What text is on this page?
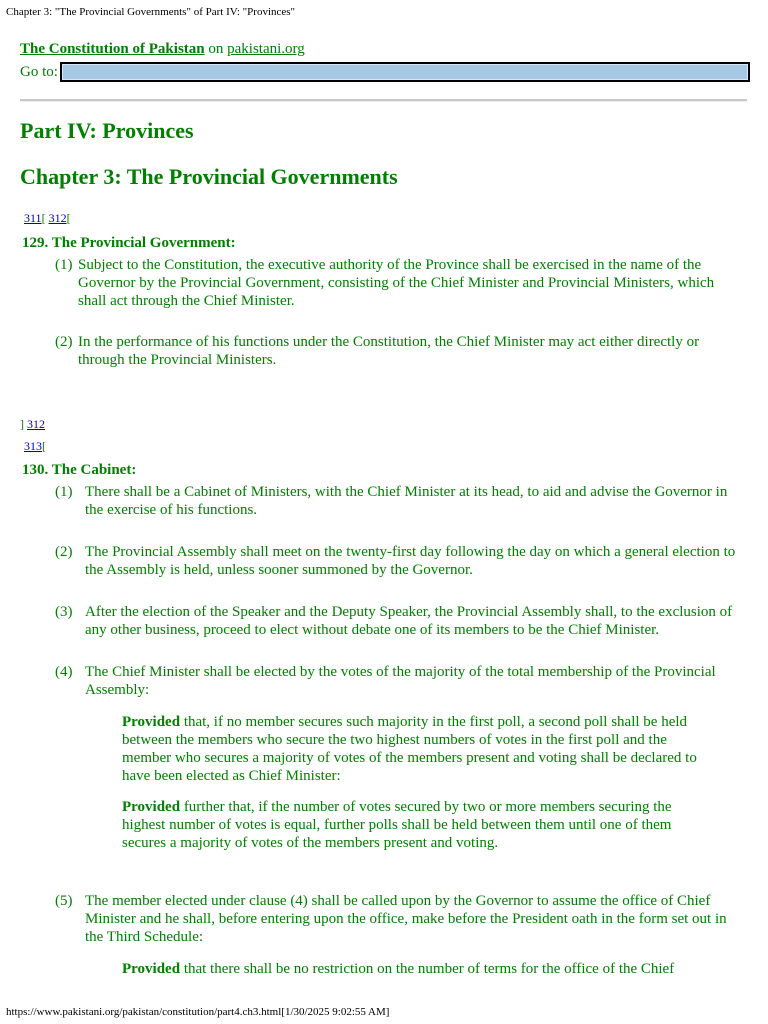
Chapter 3: "The Provincial Governments" of Part IV: "Provinces"
The Constitution of Pakistan on pakistani.org
Go to:
Part IV: Provinces
Chapter 3: The Provincial Governments
311[ 312[
129. The Provincial Government:
(1) Subject to the Constitution, the executive authority of the Province shall be exercised in the name of the
Governor by the Provincial Government, consisting of the Chief Minister and Provincial Ministers, which
shall act through the Chief Minister.
(2) In the performance of his functions under the Constitution, the Chief Minister may act either directly or
through the Provincial Ministers.
] 312
313[
130. The Cabinet:
(1) There shall be a Cabinet of Ministers, with the Chief Minister at its head, to aid and advise the Governor in
the exercise of his functions.
(2) The Provincial Assembly shall meet on the twenty-first day following the day on which a general election to
the Assembly is held, unless sooner summoned by the Governor.
(3) After the election of the Speaker and the Deputy Speaker, the Provincial Assembly shall, to the exclusion of
any other business, proceed to elect without debate one of its members to be the Chief Minister.
(4) The Chief Minister shall be elected by the votes of the majority of the total membership of the Provincial
Assembly:
Provided that, if no member secures such majority in the first poll, a second poll shall be held
between the members who secure the two highest numbers of votes in the first poll and the
member who secures a majority of votes of the members present and voting shall be declared to
have been elected as Chief Minister:
Provided further that, if the number of votes secured by two or more members securing the
highest number of votes is equal, further polls shall be held between them until one of them
secures a majority of votes of the members present and voting.
(5) The member elected under clause (4) shall be called upon by the Governor to assume the office of Chief
Minister and he shall, before entering upon the office, make before the President oath in the form set out in
the Third Schedule:
Provided that there shall be no restriction on the number of terms for the office of the Chief
https://www.pakistani.org/pakistan/constitution/part4.ch3.html[1/30/2025 9:02:55 AM]
